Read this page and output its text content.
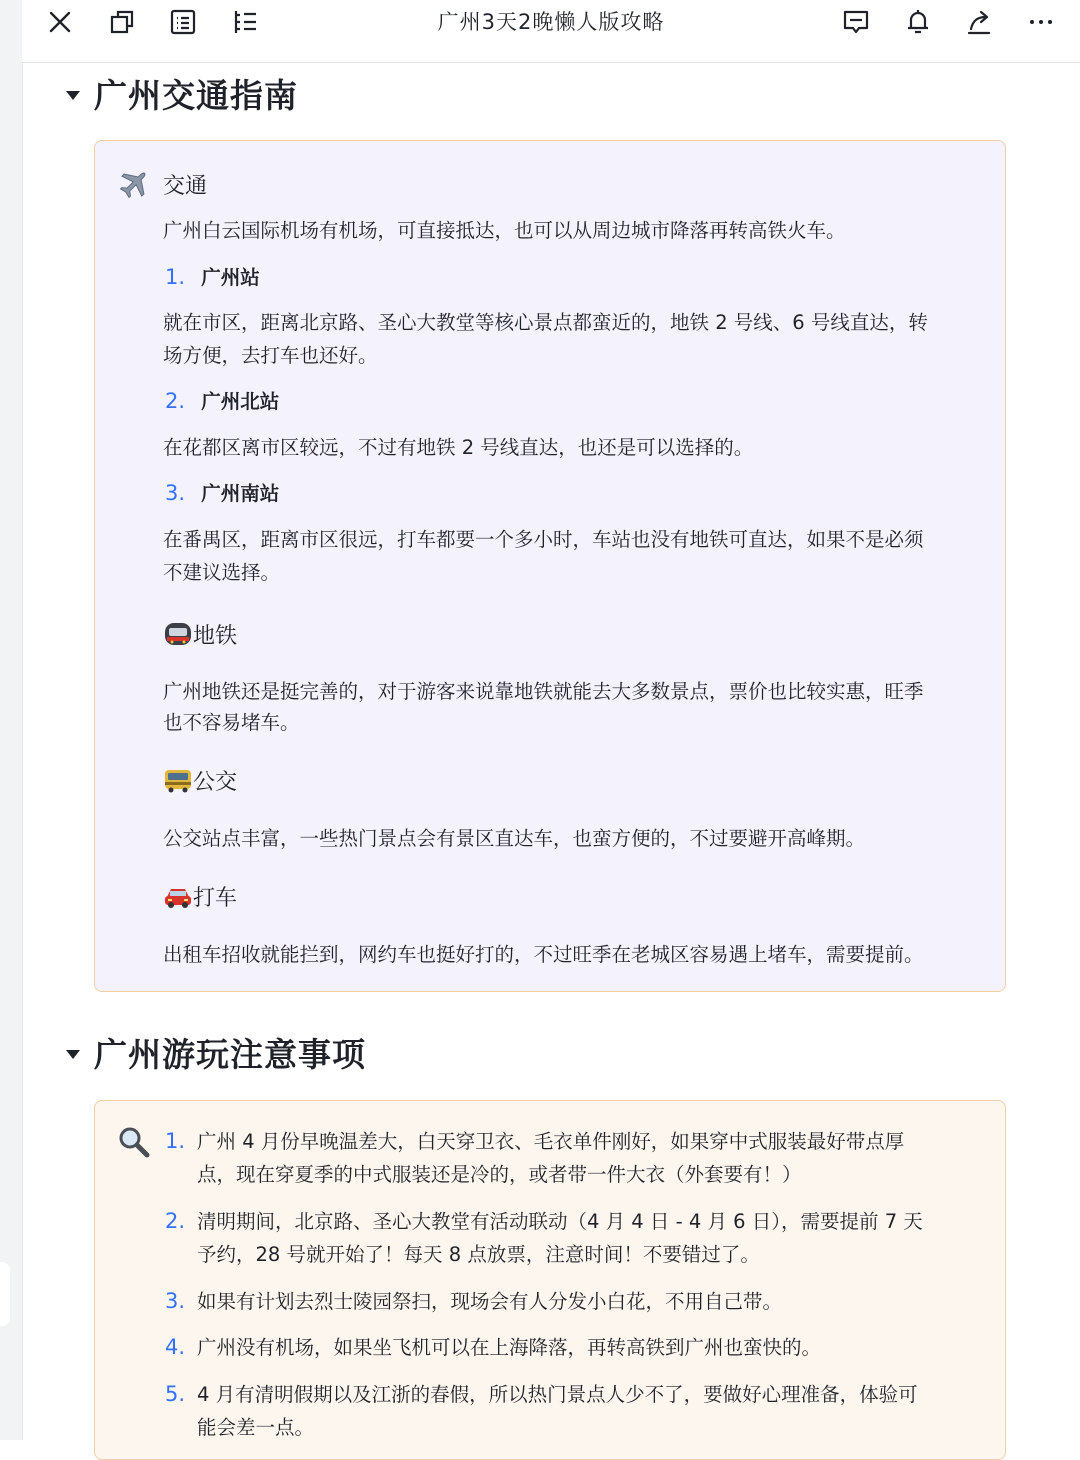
广州3天2晚懒人版攻略
广州交通指南
交通
广州白云国际机场有机场，可直接抵达，也可以从周边城市降落再转高铁火车。
1. 广州站
就在市区，距离北京路、圣心大教堂等核心景点都蛮近的，地铁 2 号线、6 号线直达，转
场方便，去打车也还好。
2. 广州北站
在花都区离市区较远，不过有地铁 2 号线直达，也还是可以选择的。
3. 广州南站
在番禺区，距离市区很远，打车都要一个多小时，车站也没有地铁可直达，如果不是必须
不建议选择。
地铁
广州地铁还是挺完善的，对于游客来说靠地铁就能去大多数景点，票价也比较实惠，旺季
也不容易堵车。
公交
公交站点丰富，一些热门景点会有景区直达车，也蛮方便的，不过要避开高峰期。
打车
出租车招收就能拦到，网约车也挺好打的，不过旺季在老城区容易遇上堵车，需要提前。
广州游玩注意事项
1. 广州 4 月份早晚温差大，白天穿卫衣、毛衣单件刚好，如果穿中式服装最好带点厚
点，现在穿夏季的中式服装还是冷的，或者带一件大衣（外套要有！）
2. 清明期间，北京路、圣心大教堂有活动联动（4 月 4 日 - 4 月 6 日），需要提前 7 天
予约，28 号就开始了！每天 8 点放票，注意时间！不要错过了。
3. 如果有计划去烈士陵园祭扫，现场会有人分发小白花，不用自己带。
4. 广州没有机场，如果坐飞机可以在上海降落，再转高铁到广州也蛮快的。
5. 4 月有清明假期以及江浙的春假，所以热门景点人少不了，要做好心理准备，体验可
能会差一点。
